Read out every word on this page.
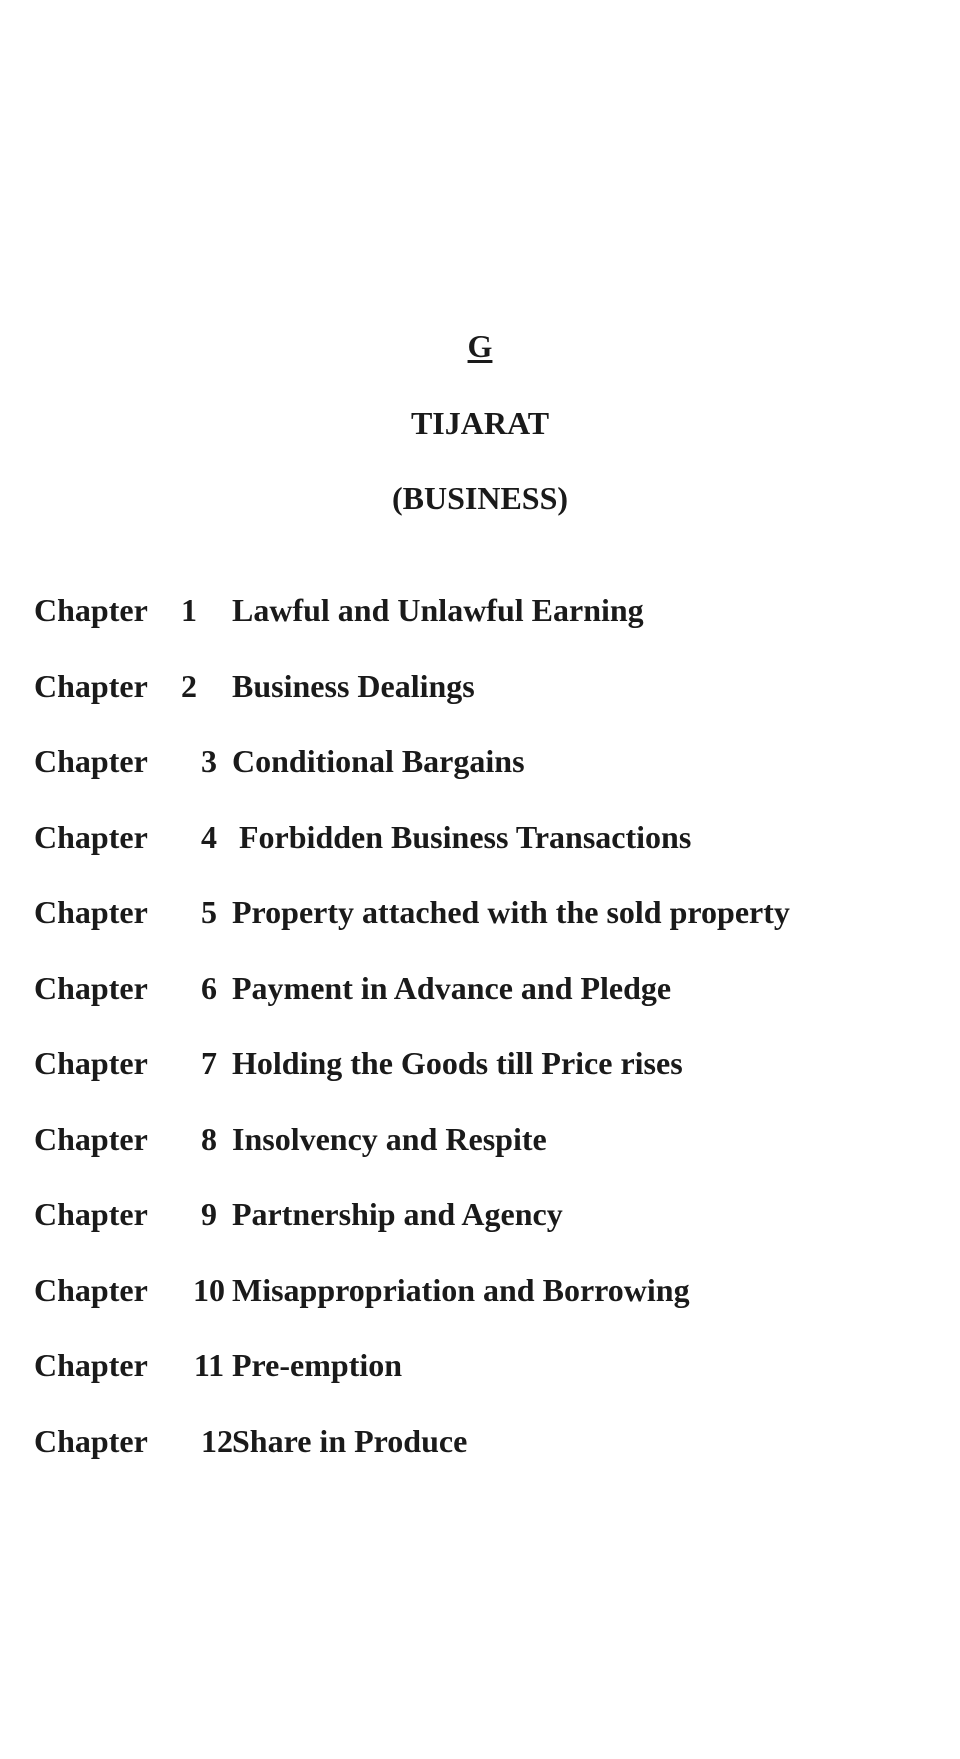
G
TIJARAT
(BUSINESS)
Chapter	1	Lawful and Unlawful Earning
Chapter	2	Business Dealings
Chapter	3 Conditional Bargains
Chapter	4 Forbidden Business Transactions
Chapter	5 Property attached with the sold property
Chapter	6 Payment in Advance and Pledge
Chapter	7 Holding the Goods till Price rises
Chapter	8 Insolvency and Respite
Chapter	9 Partnership and Agency
Chapter	10 Misappropriation and Borrowing
Chapter	11 Pre-emption
Chapter	12 Share in Produce
